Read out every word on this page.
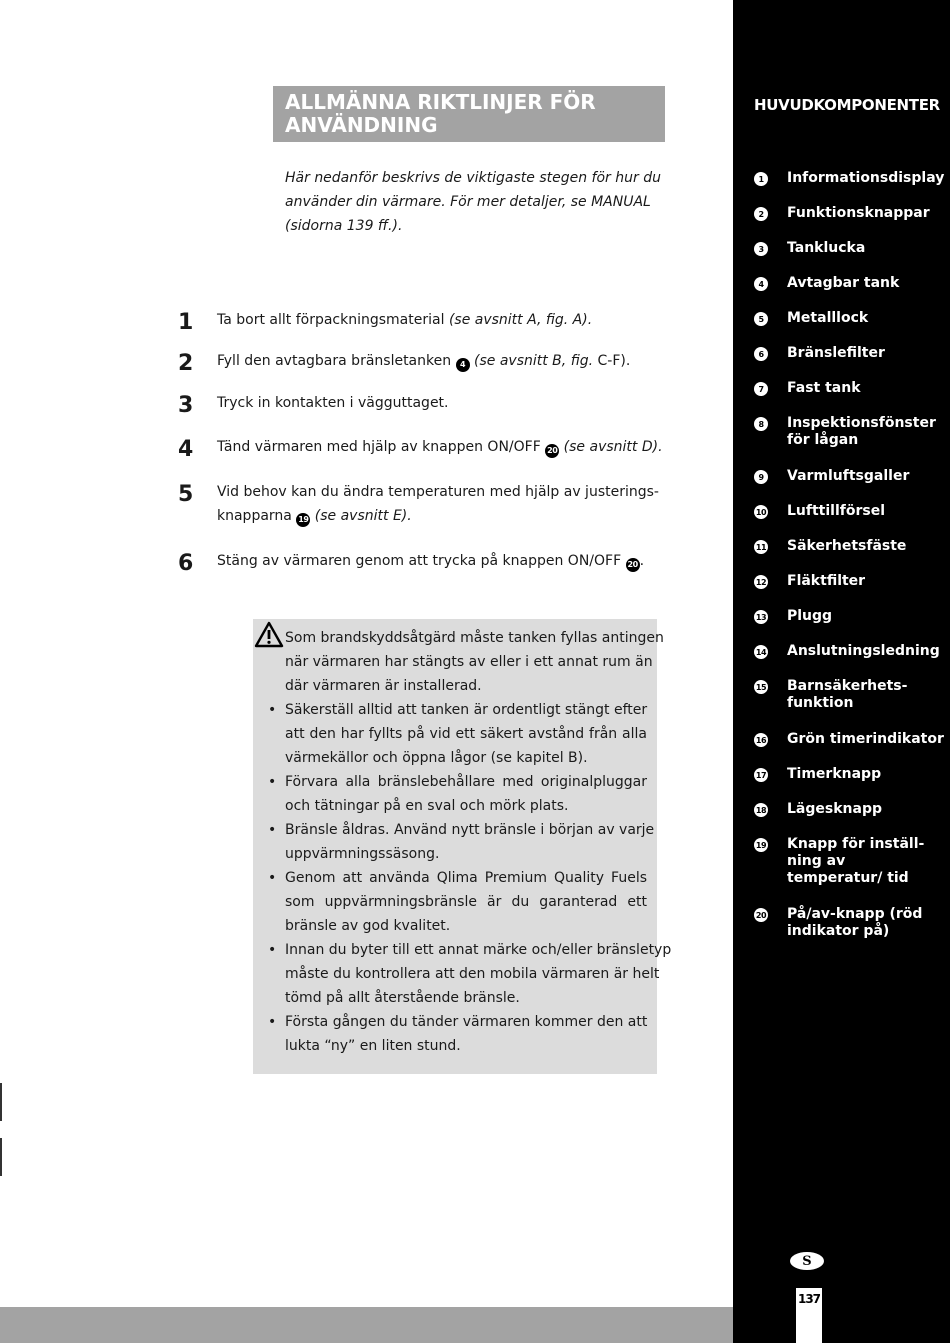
ALLMÄNNA RIKTLINJER FÖR
ANVÄNDNING
Här nedanför beskrivs de viktigaste stegen för hur du använder din värmare. För mer detaljer, se MANUAL (sidorna 139 ff.).
1 Ta bort allt förpackningsmaterial (se avsnitt A, fig. A).
2 Fyll den avtagbara bränsletanken 4 (se avsnitt B, fig. C-F).
3 Tryck in kontakten i vägguttaget.
4 Tänd värmaren med hjälp av knappen ON/OFF 20 (se avsnitt D).
5 Vid behov kan du ändra temperaturen med hjälp av justerings-
knapparna 19 (se avsnitt E).
6 Stäng av värmaren genom att trycka på knappen ON/OFF 20 .
•
•
•
•
•
•
Som brandskyddsåtgärd måste tanken fyllas antingen
när värmaren har stängts av eller i ett annat rum än
där värmaren är installerad.
Säkerställ alltid att tanken är ordentligt stängt efter
att den har fyllts på vid ett säkert avstånd från alla
värmekällor och öppna lågor (se kapitel B).
Förvara alla bränslebehållare med originalpluggar
och tätningar på en sval och mörk plats.
Bränsle åldras. Använd nytt bränsle i början av varje
uppvärmningssäsong.
Genom att använda Qlima Premium Quality Fuels
som uppvärmningsbränsle är du garanterad ett
bränsle av god kvalitet.
Innan du byter till ett annat märke och/eller bränsletyp
måste du kontrollera att den mobila värmaren är helt
tömd på allt återstående bränsle.
Första gången du tänder värmaren kommer den att
lukta “ny” en liten stund.
HUVUDKOMPONENTER
1	Informationsdisplay
2	Funktionsknappar
3	Tanklucka
4	Avtagbar tank
5	Metalllock
6	Bränslefilter
7	Fast tank
8	Inspektionsfönster för lågan
9	Varmluftsgaller
10 Lufttillförsel
11 Säkerhetsfäste
12 Fläktfilter
13 Plugg
14 Anslutningsledning
15 Barnsäkerhets- funktion
16 Grön timerindikator
17 Timerknapp
18 Lägesknapp
19 Knapp för inställ- ning av temperatur/ tid
20 På/av-knapp (röd indikator på)
S
137
